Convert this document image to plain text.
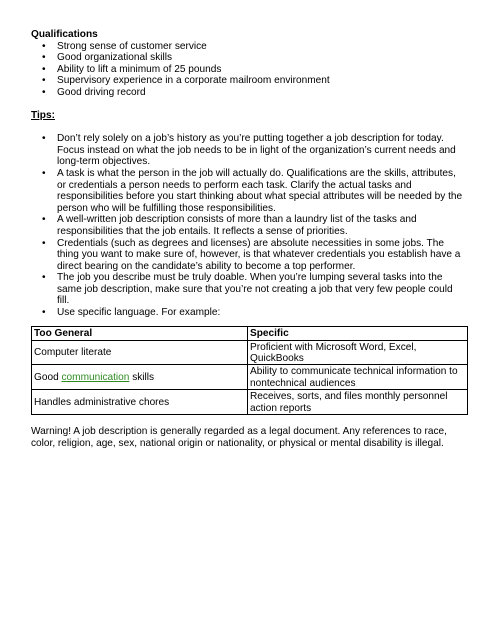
Qualifications
• Strong sense of customer service
• Good organizational skills
• Ability to lift a minimum of 25 pounds
• Supervisory experience in a corporate mailroom environment
• Good driving record
Tips:
• Don’t rely solely on a job’s history as you’re putting together a job description for today. Focus instead on what the job needs to be in light of the organization’s current needs and long-term objectives.
• A task is what the person in the job will actually do. Qualifications are the skills, attributes, or credentials a person needs to perform each task. Clarify the actual tasks and responsibilities before you start thinking about what special attributes will be needed by the person who will be fulfilling those responsibilities.
• A well-written job description consists of more than a laundry list of the tasks and responsibilities that the job entails. It reflects a sense of priorities.
• Credentials (such as degrees and licenses) are absolute necessities in some jobs. The thing you want to make sure of, however, is that whatever credentials you establish have a direct bearing on the candidate’s ability to become a top performer.
• The job you describe must be truly doable. When you’re lumping several tasks into the same job description, make sure that you’re not creating a job that very few people could fill.
• Use specific language. For example:
Too General	Specific
Computer literate	Proficient with Microsoft Word, Excel, QuickBooks
Good communication skills	Ability to communicate technical information to nontechnical audiences
Handles administrative chores	Receives, sorts, and files monthly personnel action reports
Warning! A job description is generally regarded as a legal document. Any references to race, color, religion, age, sex, national origin or nationality, or physical or mental disability is illegal.
